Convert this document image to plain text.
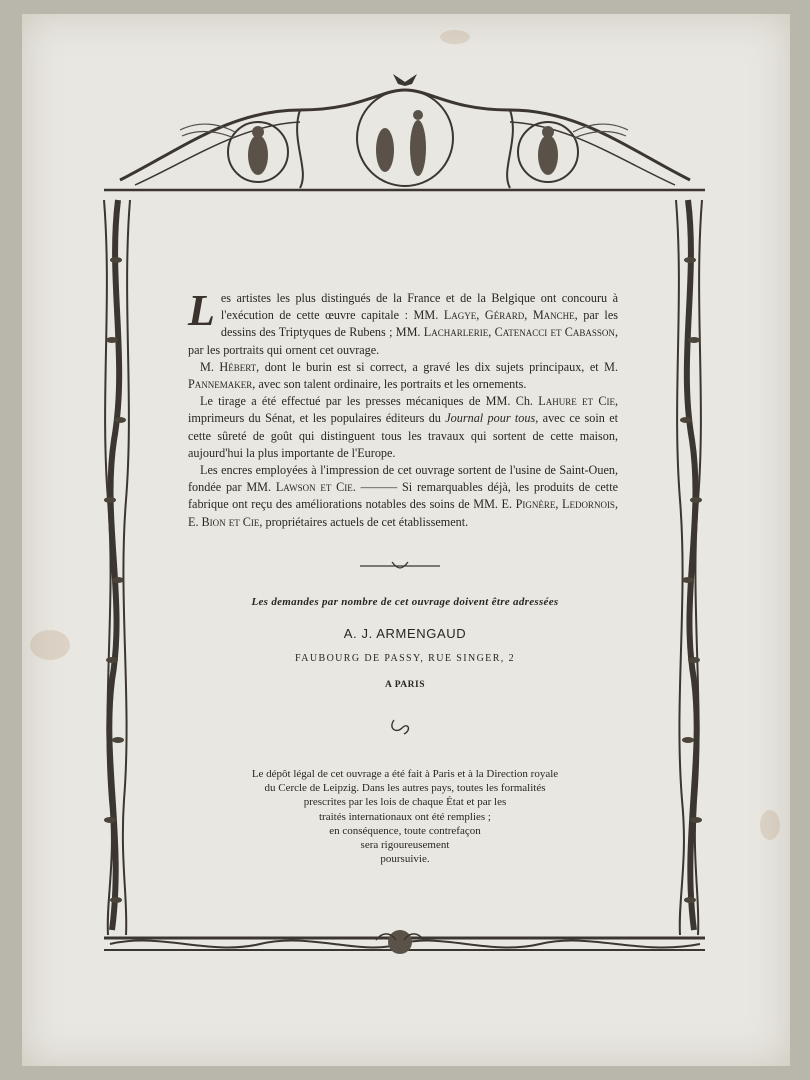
Les artistes les plus distingués de la France et de la Belgique ont concouru à l'exécution de cette œuvre capitale : MM. Lagye, Gérard, Manche, par les dessins des Triptyques de Rubens ; MM. Lacharlerie, Catenacci et Cabasson, par les portraits qui ornent cet ouvrage.

M. Hébert, dont le burin est si correct, a gravé les dix sujets principaux, et M. Pannemaker, avec son talent ordinaire, les portraits et les ornements.

Le tirage a été effectué par les presses mécaniques de MM. Ch. Lahure et Cie, imprimeurs du Sénat, et les populaires éditeurs du Journal pour tous, avec ce soin et cette sûreté de goût qui distinguent tous les travaux qui sortent de cette maison, aujourd'hui la plus importante de l'Europe.

Les encres employées à l'impression de cet ouvrage sortent de l'usine de Saint-Ouen, fondée par MM. Lawson et Cie. ——— Si remarquables déjà, les produits de cette fabrique ont reçu des améliorations notables des soins de MM. E. Pignère, Ledornois, E. Bion et Cie, propriétaires actuels de cet établissement.

Les demandes par nombre de cet ouvrage doivent être adressées
A. J. ARMENGAUD
FAUBOURG DE PASSY, RUE SINGER, 2
A PARIS
Le dépôt légal de cet ouvrage a été fait à Paris et à la Direction royale
du Cercle de Leipzig. Dans les autres pays, toutes les formalités
prescrites par les lois de chaque État et par les
traités internationaux ont été remplies ;
en conséquence, toute contrefaçon
sera rigoureusement
poursuivie.
